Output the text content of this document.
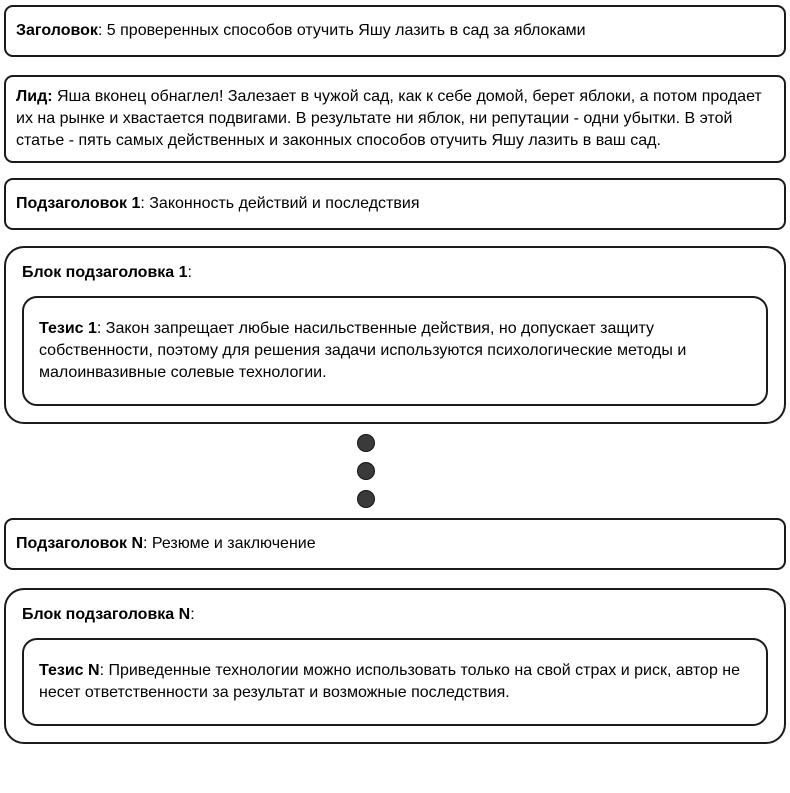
Заголовок: 5 проверенных способов отучить Яшу лазить в сад за яблоками
Лид: Яша вконец обнаглел! Залезает в чужой сад, как к себе домой, берет яблоки, а потом продает их на рынке и хвастается подвигами. В результате ни яблок, ни репутации - одни убытки. В этой статье - пять самых действенных и законных способов отучить Яшу лазить в ваш сад.
Подзаголовок 1: Законность действий и последствия
Блок подзаголовка 1:
Тезис 1: Закон запрещает любые насильственные действия, но допускает защиту собственности, поэтому для решения задачи используются психологические методы и малоинвазивные солевые технологии.
Подзаголовок N: Резюме и заключение
Блок подзаголовка N:
Тезис N: Приведенные технологии можно использовать только на свой страх и риск, автор не несет ответственности за результат и возможные последствия.
